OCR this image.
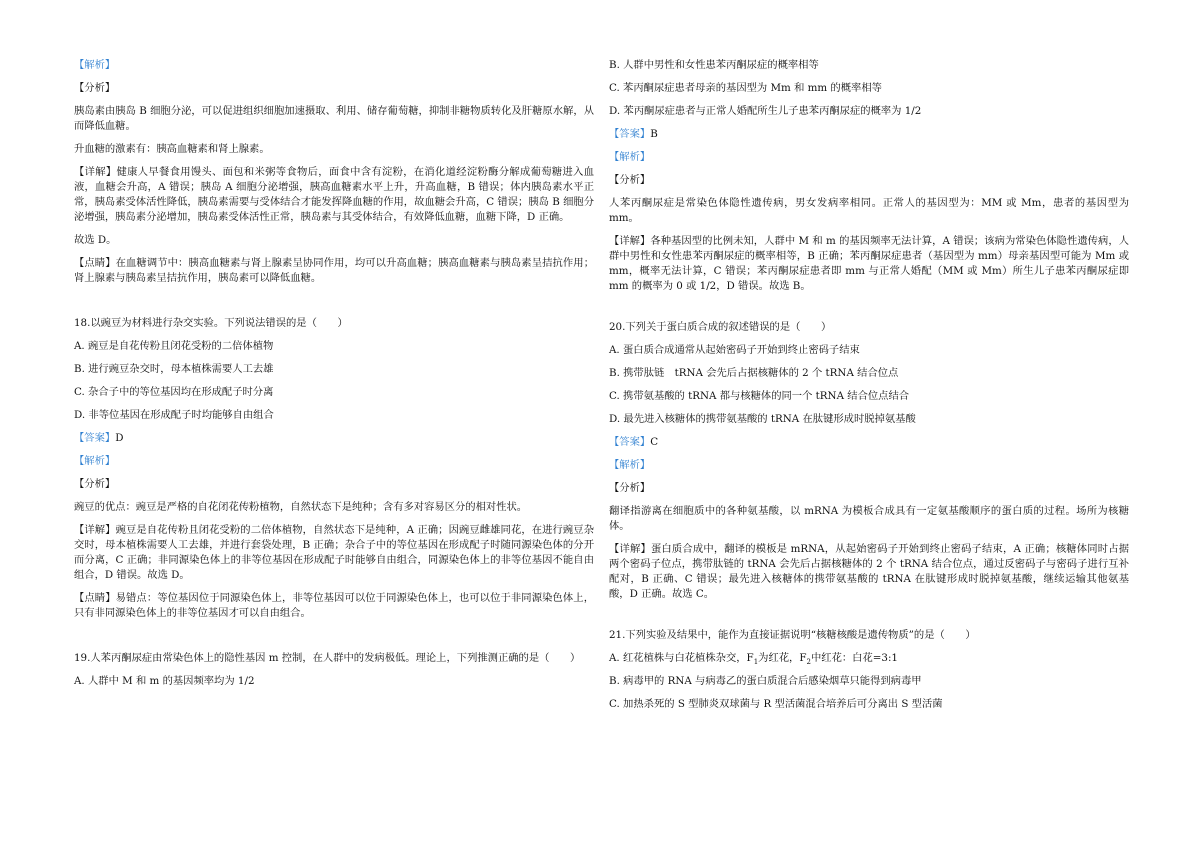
【解析】
【分析】
胰岛素由胰岛 B 细胞分泌，可以促进组织细胞加速摄取、利用、储存葡萄糖，抑制非糖物质转化及肝糖原水解，从而降低血糖。
升血糖的激素有：胰高血糖素和肾上腺素。
【详解】健康人早餐食用馒头、面包和米粥等食物后，面食中含有淀粉，在消化道经淀粉酶分解成葡萄糖进入血液，血糖会升高，A 错误；胰岛 A 细胞分泌增强，胰高血糖素水平上升，升高血糖，B 错误；体内胰岛素水平正常，胰岛素受体活性降低，胰岛素需要与受体结合才能发挥降血糖的作用，故血糖会升高，C 错误；胰岛 B 细胞分泌增强，胰岛素分泌增加，胰岛素受体活性正常，胰岛素与其受体结合，有效降低血糖，血糖下降，D 正确。
故选 D。
【点睛】在血糖调节中：胰高血糖素与肾上腺素呈协同作用，均可以升高血糖；胰高血糖素与胰岛素呈拮抗作用；肾上腺素与胰岛素呈拮抗作用，胰岛素可以降低血糖。
18.以豌豆为材料进行杂交实验。下列说法错误的是（　　）
A. 豌豆是自花传粉且闭花受粉的二倍体植物
B. 进行豌豆杂交时，母本植株需要人工去雄
C. 杂合子中的等位基因均在形成配子时分离
D. 非等位基因在形成配子时均能够自由组合
【答案】D
【解析】
【分析】
豌豆的优点：豌豆是严格的自花闭花传粉植物，自然状态下是纯种；含有多对容易区分的相对性状。
【详解】豌豆是自花传粉且闭花受粉的二倍体植物，自然状态下是纯种，A 正确；因豌豆雌雄同花，在进行豌豆杂交时，母本植株需要人工去雄，并进行套袋处理，B 正确；杂合子中的等位基因在形成配子时随同源染色体的分开而分离，C 正确；非同源染色体上的非等位基因在形成配子时能够自由组合，同源染色体上的非等位基因不能自由组合，D 错误。故选 D。
【点睛】易错点：等位基因位于同源染色体上，非等位基因可以位于同源染色体上，也可以位于非同源染色体上，只有非同源染色体上的非等位基因才可以自由组合。
19.人苯丙酮尿症由常染色体上的隐性基因 m 控制，在人群中的发病极低。理论上，下列推测正确的是（　　）
A. 人群中 M 和 m 的基因频率均为 1/2
B. 人群中男性和女性患苯丙酮尿症的概率相等
C. 苯丙酮尿症患者母亲的基因型为 Mm 和 mm 的概率相等
D. 苯丙酮尿症患者与正常人婚配所生儿子患苯丙酮尿症的概率为 1/2
【答案】B
【解析】
【分析】
人苯丙酮尿症是常染色体隐性遗传病，男女发病率相同。正常人的基因型为：MM 或 Mm，患者的基因型为 mm。
【详解】各种基因型的比例未知，人群中 M 和 m 的基因频率无法计算，A 错误；该病为常染色体隐性遗传病，人群中男性和女性患苯丙酮尿症的概率相等，B 正确；苯丙酮尿症患者（基因型为 mm）母亲基因型可能为 Mm 或 mm，概率无法计算，C 错误；苯丙酮尿症患者即 mm 与正常人婚配（MM 或 Mm）所生儿子患苯丙酮尿症即 mm 的概率为 0 或 1/2，D 错误。故选 B。
20.下列关于蛋白质合成的叙述错误的是（　　）
A. 蛋白质合成通常从起始密码子开始到终止密码子结束
B. 携带肽链　tRNA 会先后占据核糖体的 2 个 tRNA 结合位点
C. 携带氨基酸的 tRNA 都与核糖体的同一个 tRNA 结合位点结合
D. 最先进入核糖体的携带氨基酸的 tRNA 在肽键形成时脱掉氨基酸
【答案】C
【解析】
【分析】
翻译指游离在细胞质中的各种氨基酸，以 mRNA 为模板合成具有一定氨基酸顺序的蛋白质的过程。场所为核糖体。
【详解】蛋白质合成中，翻译的模板是 mRNA，从起始密码子开始到终止密码子结束，A 正确；核糖体同时占据两个密码子位点，携带肽链的 tRNA 会先后占据核糖体的 2 个 tRNA 结合位点，通过反密码子与密码子进行互补配对，B 正确、C 错误；最先进入核糖体的携带氨基酸的 tRNA 在肽键形成时脱掉氨基酸，继续运输其他氨基酸，D 正确。故选 C。
21.下列实验及结果中，能作为直接证据说明“核糖核酸是遗传物质”的是（　　）
A. 红花植株与白花植株杂交，$F_1$为红花，$F_2$中红花：白花=3:1
B. 病毒甲的 RNA 与病毒乙的蛋白质混合后感染烟草只能得到病毒甲
C. 加热杀死的 S 型肺炎双球菌与 R 型活菌混合培养后可分离出 S 型活菌
